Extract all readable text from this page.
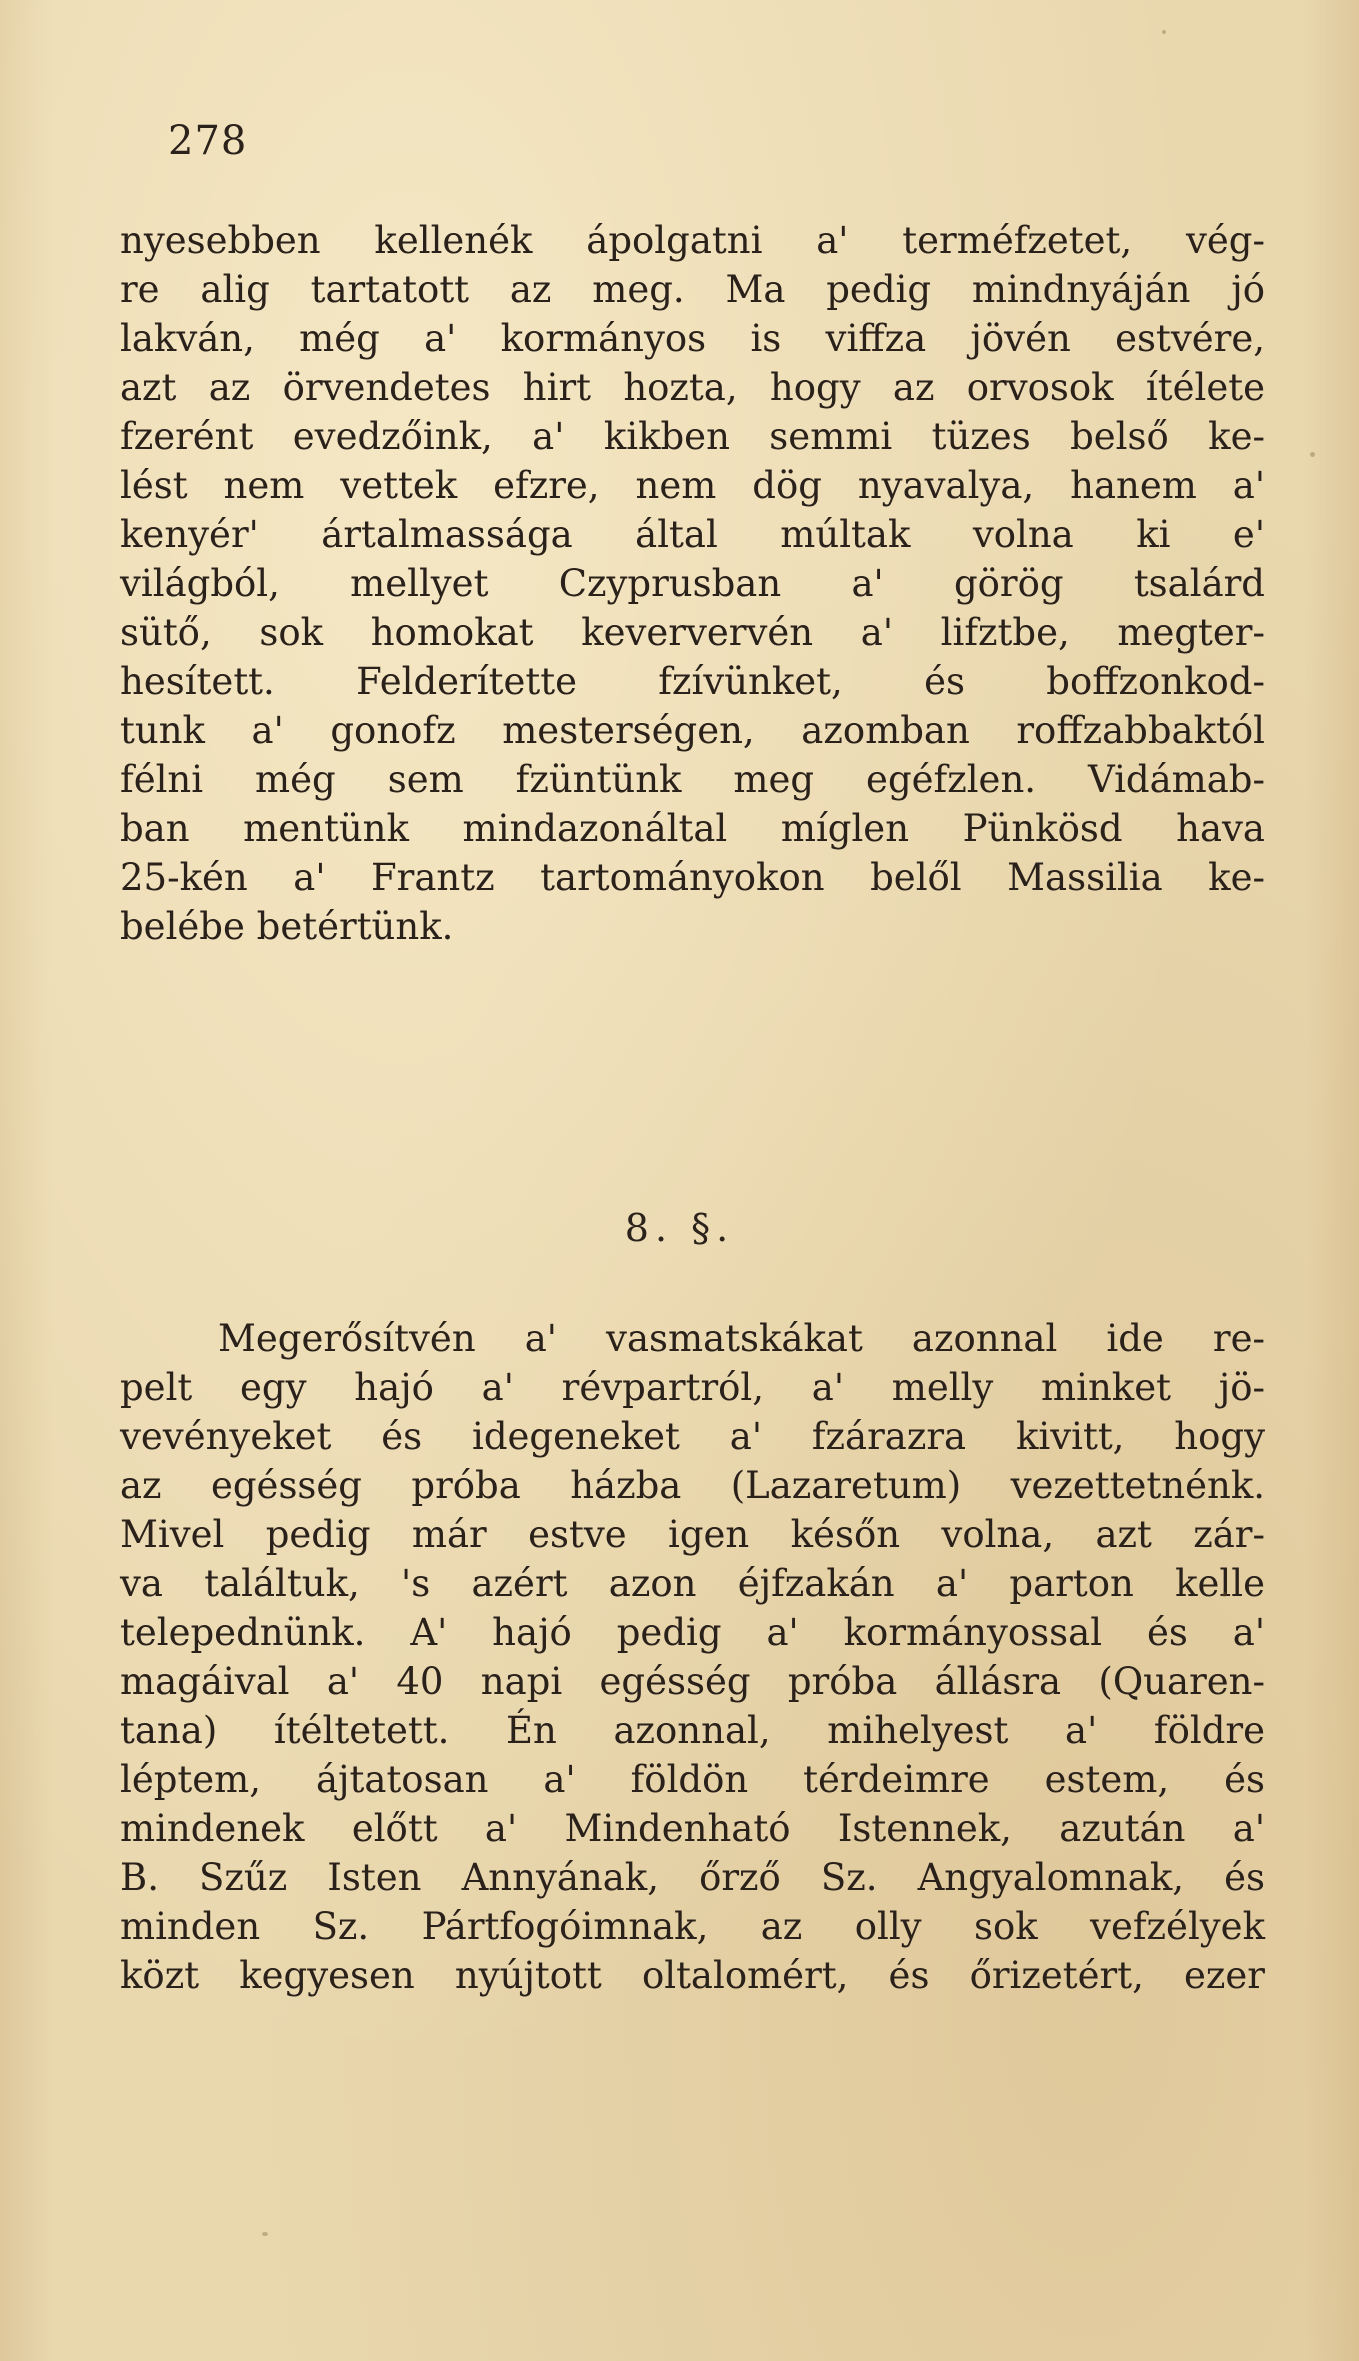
278
nyesebben kellenék ápolgatni a' terméfzetet, vég-
re alig tartatott az meg. Ma pedig mindnyáján jó
lakván, még a' kormányos is viffza jövén estvére,
azt az örvendetes hirt hozta, hogy az orvosok ítélete
fzerént evedzőink, a' kikben semmi tüzes belső ke-
lést nem vettek efzre, nem dög nyavalya, hanem a'
kenyér' ártalmassága által múltak volna ki e'
világból, mellyet Czyprusban a' görög tsalárd
sütő, sok homokat keververvén a' lifztbe, megter-
hesített. Felderítette fzívünket, és boffzonkod-
tunk a' gonofz mesterségen, azomban roffzabbaktól
félni még sem fzüntünk meg egéfzlen. Vidámab-
ban mentünk mindazonáltal míglen Pünkösd hava
25-kén a' Frantz tartományokon belől Massilia ke-
belébe betértünk.
8. §.
Megerősítvén a' vasmatskákat azonnal ide re-
pelt egy hajó a' révpartról, a' melly minket jö-
vevényeket és idegeneket a' fzárazra kivitt, hogy
az egésség próba házba (Lazaretum) vezettetnénk.
Mivel pedig már estve igen későn volna, azt zár-
va találtuk, 's azért azon éjfzakán a' parton kelle
telepednünk. A' hajó pedig a' kormányossal és a'
magáival a' 40 napi egésség próba állásra (Quaren-
tana) ítéltetett. Én azonnal, mihelyest a' földre
léptem, ájtatosan a' földön térdeimre estem, és
mindenek előtt a' Mindenható Istennek, azután a'
B. Szűz Isten Annyának, őrző Sz. Angyalomnak, és
minden Sz. Pártfogóimnak, az olly sok vefzélyek
közt kegyesen nyújtott oltalomért, és őrizetért, ezer
